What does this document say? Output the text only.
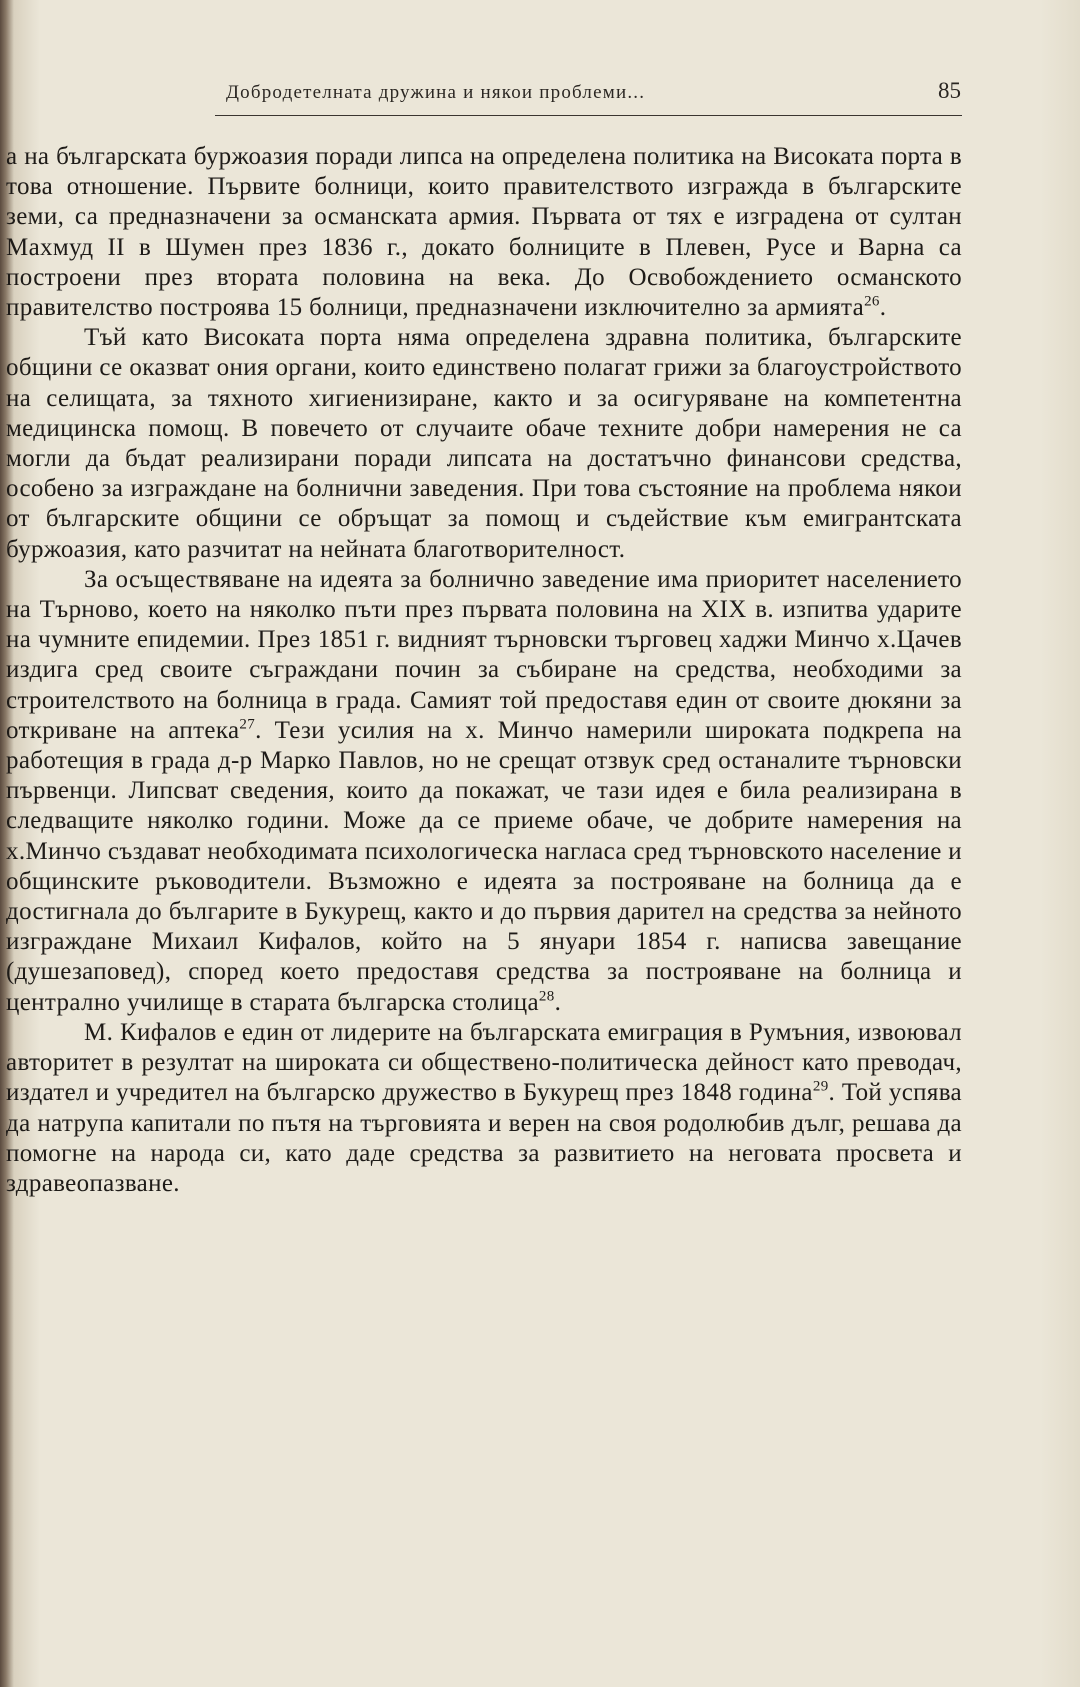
Добродетелната дружина и някои проблеми...	85

а на българската буржоазия поради липса на определена политика на Високата порта в това отношение. Първите болници, които правителството изгражда в българските земи, са предназначени за османската армия. Първата от тях е изградена от султан Махмуд II в Шумен през 1836 г., докато болниците в Плевен, Русе и Варна са построени през втората половина на века. До Освобождението османското правителство построява 15 болници, предназначени изключително за армията$^{26}$.

Тъй като Високата порта няма определена здравна политика, българските общини се оказват ония органи, които единствено полагат грижи за благоустройството на селищата, за тяхното хигиенизиране, както и за осигуряване на компетентна медицинска помощ. В повечето от случаите обаче техните добри намерения не са могли да бъдат реализирани поради липсата на достатъчно финансови средства, особено за изграждане на болнични заведения. При това състояние на проблема някои от българските общини се обръщат за помощ и съдействие към емигрантската буржоазия, като разчитат на нейната благотворителност.

За осъществяване на идеята за болнично заведение има приоритет населението на Търново, което на няколко пъти през първата половина на XIX в. изпитва ударите на чумните епидемии. През 1851 г. видният търновски търговец хаджи Минчо х.Цачев издига сред своите съграждани почин за събиране на средства, необходими за строителството на болница в града. Самият той предоставя един от своите дюкяни за откриване на аптека$^{27}$. Тези усилия на х. Минчо намерили широката подкрепа на работещия в града д-р Марко Павлов, но не срещат отзвук сред останалите търновски първенци. Липсват сведения, които да покажат, че тази идея е била реализирана в следващите няколко години. Може да се приеме обаче, че добрите намерения на х.Минчо създават необходимата психологическа нагласа сред търновското население и общинските ръководители. Възможно е идеята за построяване на болница да е достигнала до българите в Букурещ, както и до първия дарител на средства за нейното изграждане Михаил Кифалов, който на 5 януари 1854 г. написва завещание (душезаповед), според което предоставя средства за построяване на болница и централно училище в старата българска столица$^{28}$.

М. Кифалов е един от лидерите на българската емиграция в Румъния, извоювал авторитет в резултат на широката си обществено-политическа дейност като преводач, издател и учредител на българско дружество в Букурещ през 1848 година$^{29}$. Той успява да натрупа капитали по пътя на търговията и верен на своя родолюбив дълг, решава да помогне на народа си, като даде средства за развитието на неговата просвета и здравеопазване.
